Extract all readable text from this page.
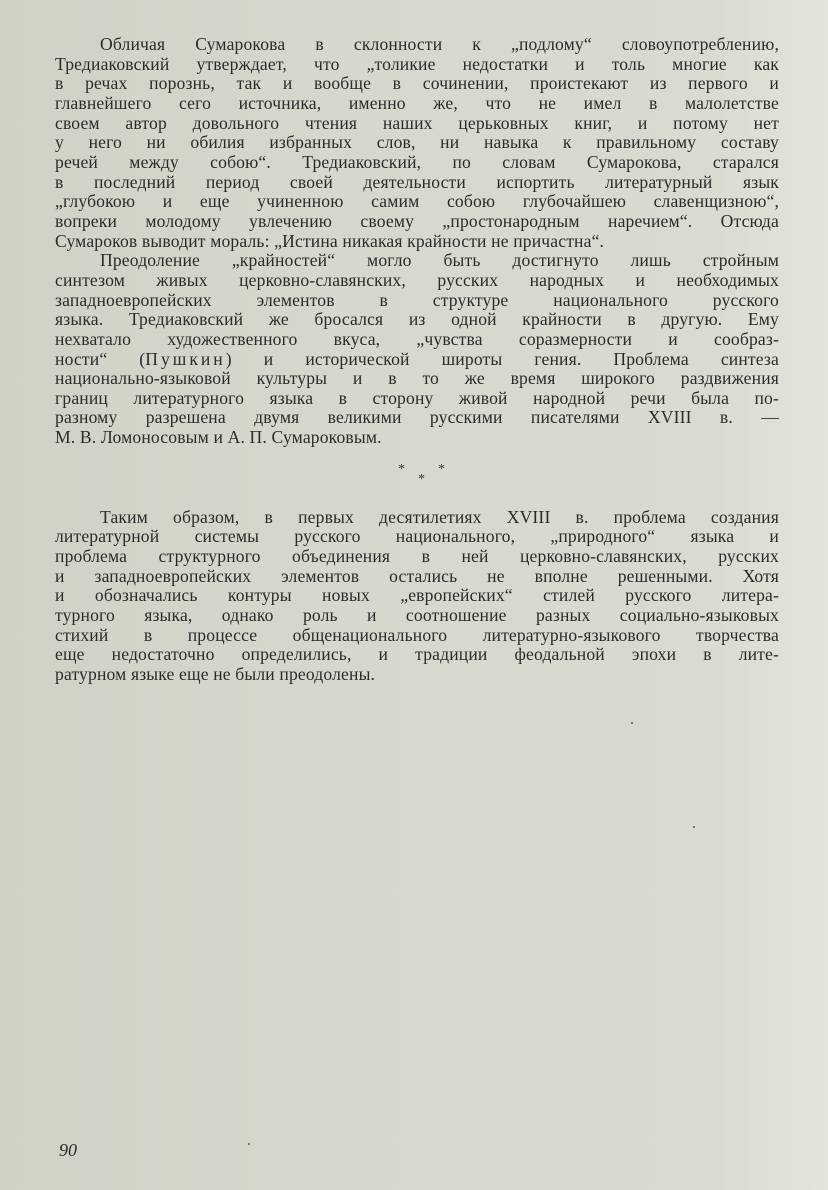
Обличая Сумарокова в склонности к „подлому“ словоупотреблению,
Тредиаковский утверждает, что „толикие недостатки и толь многие как
в речах порознь, так и вообще в сочинении, проистекают из первого и
главнейшего сего источника, именно же, что не имел в малолетстве
своем автор довольного чтения наших церьковных книг, и потому нет
у него ни обилия избранных слов, ни навыка к правильному составу
речей между собою“. Тредиаковский, по словам Сумарокова, старался
в последний период своей деятельности испортить литературный язык
„глубокою и еще учиненною самим собою глубочайшею славенщизною“,
вопреки молодому увлечению своему „простонародным наречием“. Отсюда
Сумароков выводит мораль: „Истина никакая крайности не причастна“.
Преодоление „крайностей“ могло быть достигнуто лишь стройным
синтезом живых церковно-славянских, русских народных и необходимых
западноевропейских элементов в структуре национального русского
языка. Тредиаковский же бросался из одной крайности в другую. Ему
нехватало художественного вкуса, „чувства соразмерности и сообраз-
ности“ (Пушкин) и исторической широты гения. Проблема синтеза
национально-языковой культуры и в то же время широкого раздвижения
границ литературного языка в сторону живой народной речи была по-
разному разрешена двумя великими русскими писателями XVIII в. —
М. В. Ломоносовым и А. П. Сумароковым.
* *
*
Таким образом, в первых десятилетиях XVIII в. проблема создания
литературной системы русского национального, „природного“ языка и
проблема структурного объединения в ней церковно-славянских, русских
и западноевропейских элементов остались не вполне решенными. Хотя
и обозначались контуры новых „европейских“ стилей русского литера-
турного языка, однако роль и соотношение разных социально-языковых
стихий в процессе общенационального литературно-языкового творчества
еще недостаточно определились, и традиции феодальной эпохи в лите-
ратурном языке еще не были преодолены.
90
